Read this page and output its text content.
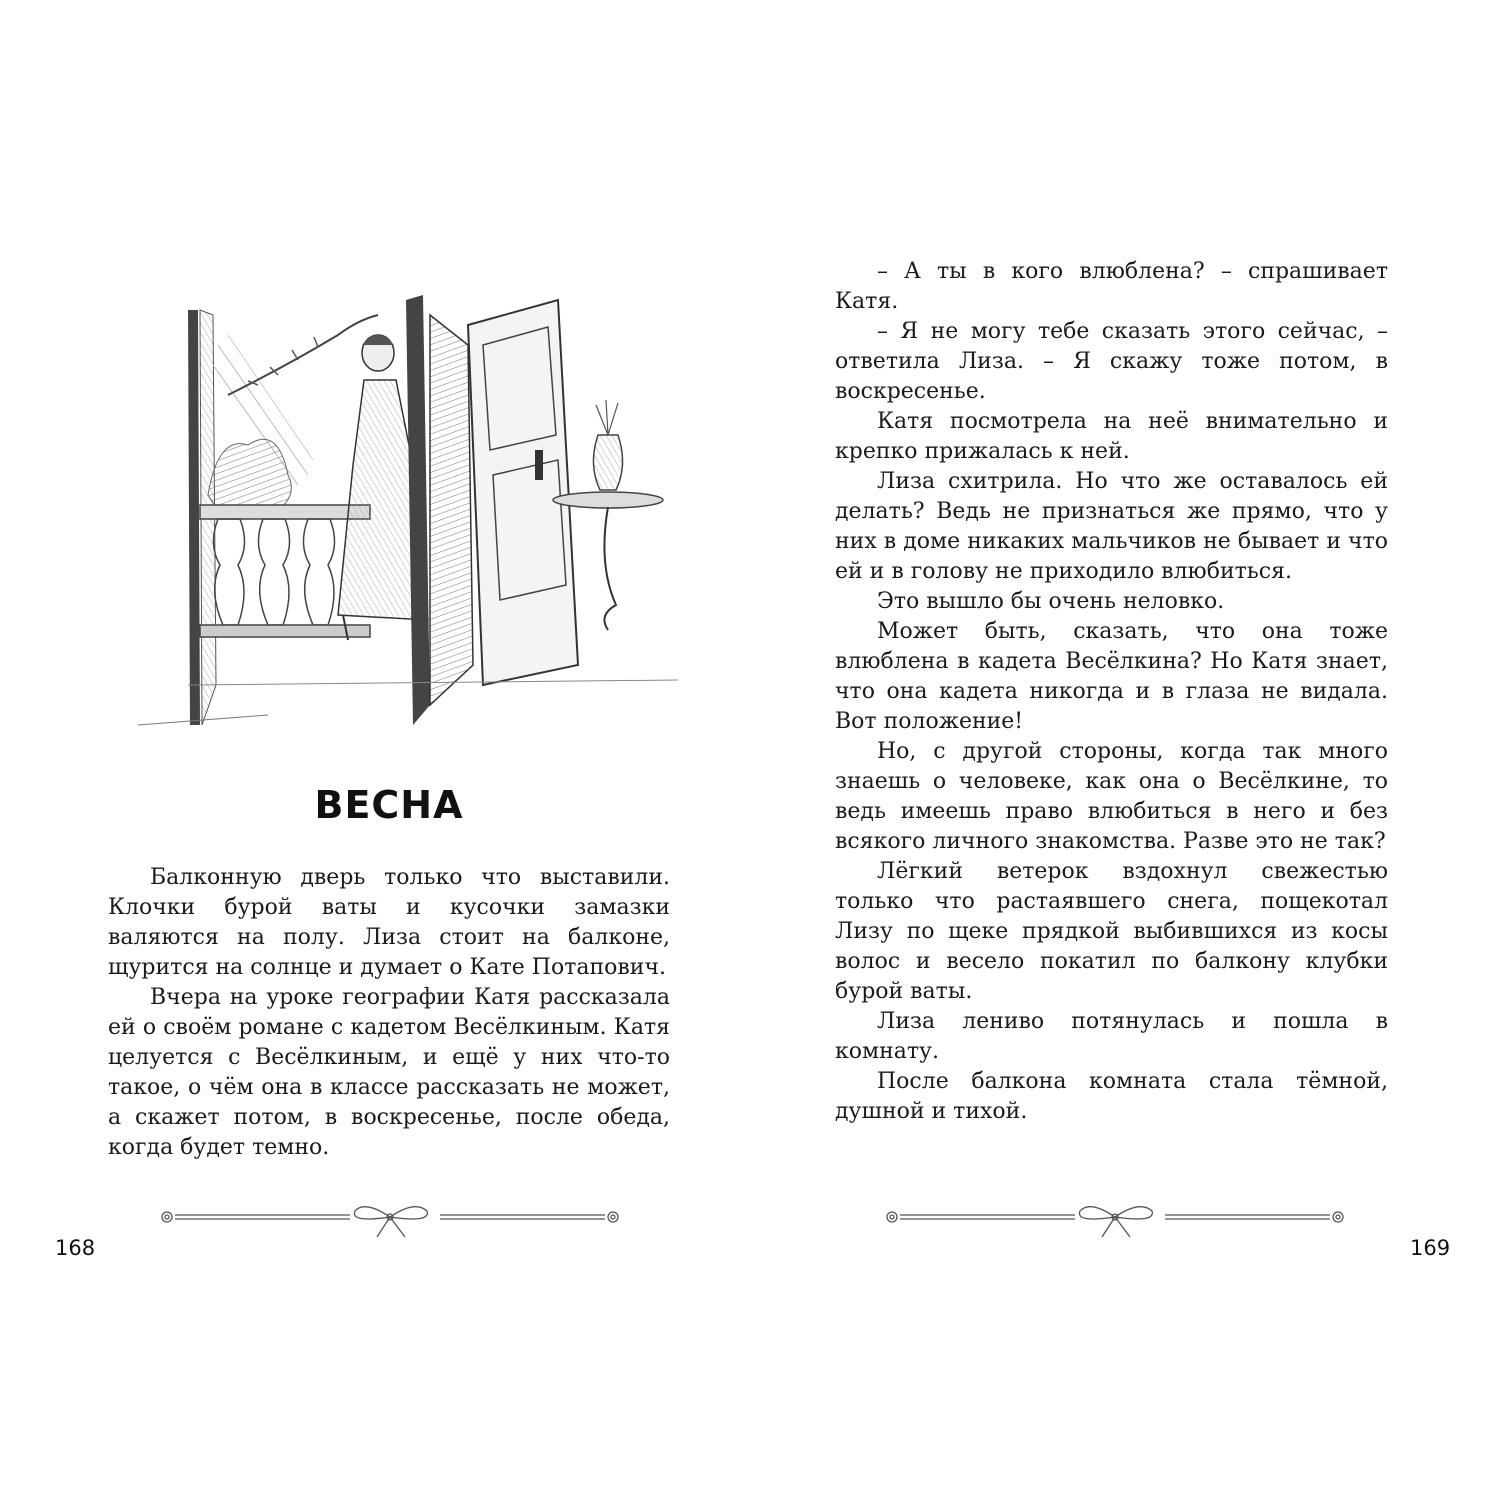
ВЕСНА

Балконную дверь только что выставили. Клочки бурой ваты и кусочки замазки валяются на полу. Лиза стоит на балконе, щурится на солнце и думает о Кате Потапович.

Вчера на уроке географии Катя рассказала ей о своём романе с кадетом Весёлкиным. Катя целуется с Весёлкиным, и ещё у них что-то такое, о чём она в классе рассказать не может, а скажет потом, в воскресенье, после обеда, когда будет темно.

168

– А ты в кого влюблена? – спрашивает Катя.

– Я не могу тебе сказать этого сейчас, – ответила Лиза. – Я скажу тоже потом, в воскресенье.

Катя посмотрела на неё внимательно и крепко прижалась к ней.

Лиза схитрила. Но что же оставалось ей делать? Ведь не признаться же прямо, что у них в доме никаких мальчиков не бывает и что ей и в голову не приходило влюбиться.

Это вышло бы очень неловко.

Может быть, сказать, что она тоже влюблена в кадета Весёлкина? Но Катя знает, что она кадета никогда и в глаза не видала. Вот положение!

Но, с другой стороны, когда так много знаешь о человеке, как она о Весёлкине, то ведь имеешь право влюбиться в него и без всякого личного знакомства. Разве это не так?

Лёгкий ветерок вздохнул свежестью только что растаявшего снега, пощекотал Лизу по щеке прядкой выбившихся из косы волос и весело покатил по балкону клубки бурой ваты.

Лиза лениво потянулась и пошла в комнату.

После балкона комната стала тёмной, душной и тихой.

169
